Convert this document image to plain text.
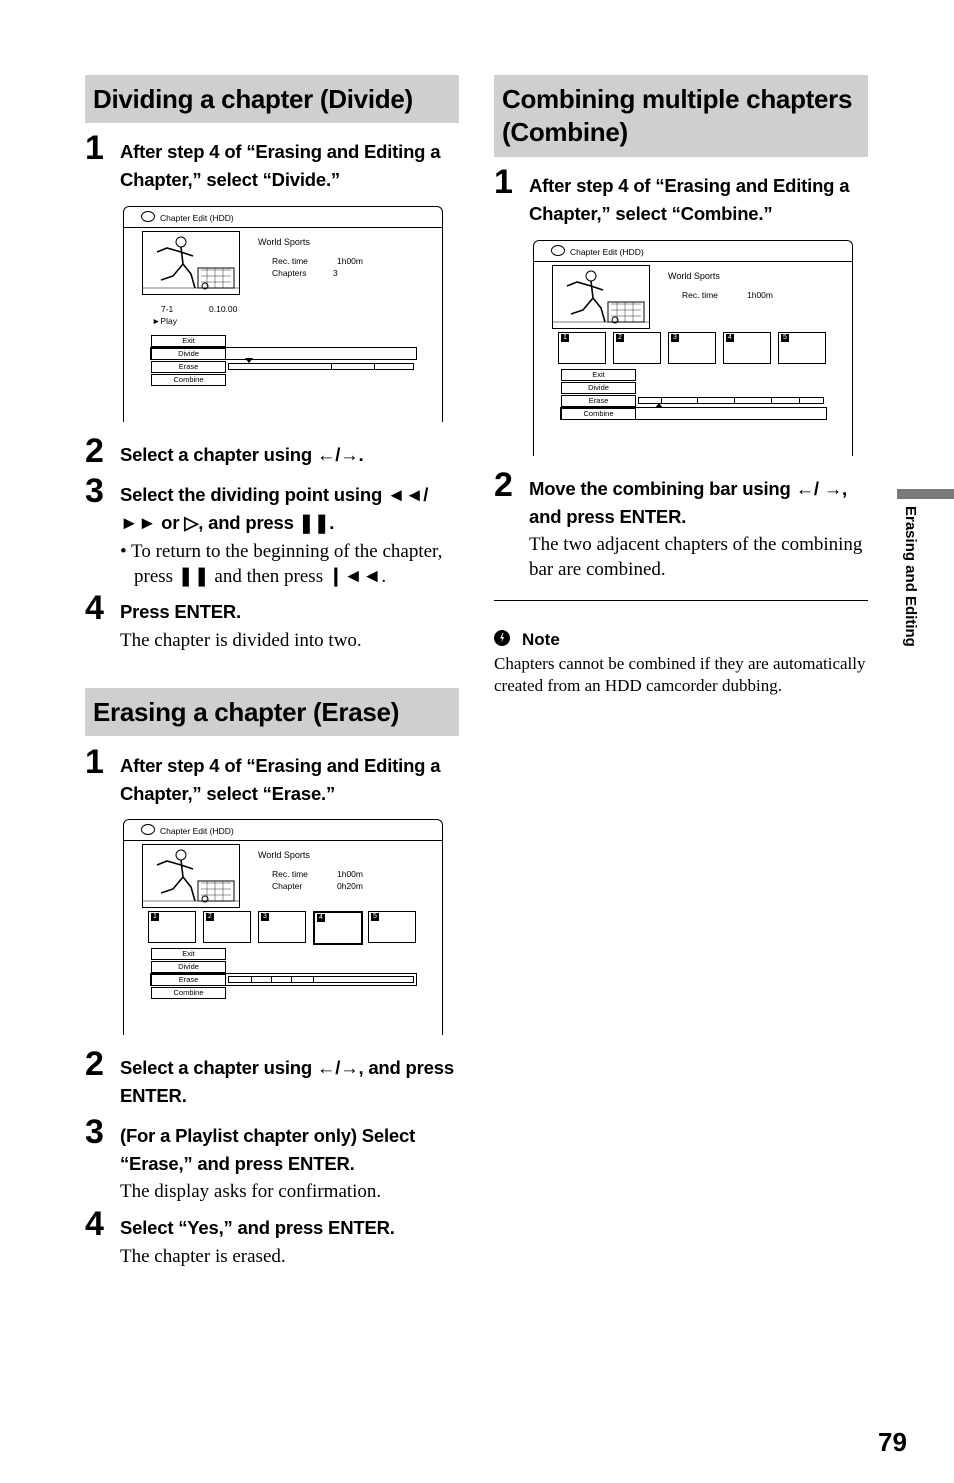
Dividing a chapter (Divide)
1 After step 4 of “Erasing and Editing a Chapter,” select “Divide.”
Chapter Edit (HDD)
World Sports
Rec. time	1h00m
Chapters	3
7-1	0.10.00
►Play
Exit
Divide
Erase
Combine
2 Select a chapter using ←/→.
3 Select the dividing point using ◄◄/ ►► or ▷, and press ❚❚.
• To return to the beginning of the chapter, press ❚❚ and then press ❙◄◄.
4 Press ENTER.
The chapter is divided into two.
Erasing a chapter (Erase)
1 After step 4 of “Erasing and Editing a Chapter,” select “Erase.”
Chapter Edit (HDD)
World Sports
Rec. time	1h00m
Chapter	0h20m
1	2	3	4	5
Exit
Divide
Erase
Combine
2 Select a chapter using ←/→, and press ENTER.
3 (For a Playlist chapter only) Select “Erase,” and press ENTER.
The display asks for confirmation.
4 Select “Yes,” and press ENTER.
The chapter is erased.
Combining multiple chapters (Combine)
1 After step 4 of “Erasing and Editing a Chapter,” select “Combine.”
Chapter Edit (HDD)
World Sports
Rec. time	1h00m
1	2	3	4	5
Exit
Divide
Erase
Combine
2 Move the combining bar using ←/ →, and press ENTER.
The two adjacent chapters of the combining bar are combined.
Note
Chapters cannot be combined if they are automatically created from an HDD camcorder dubbing.
Erasing and Editing
79
